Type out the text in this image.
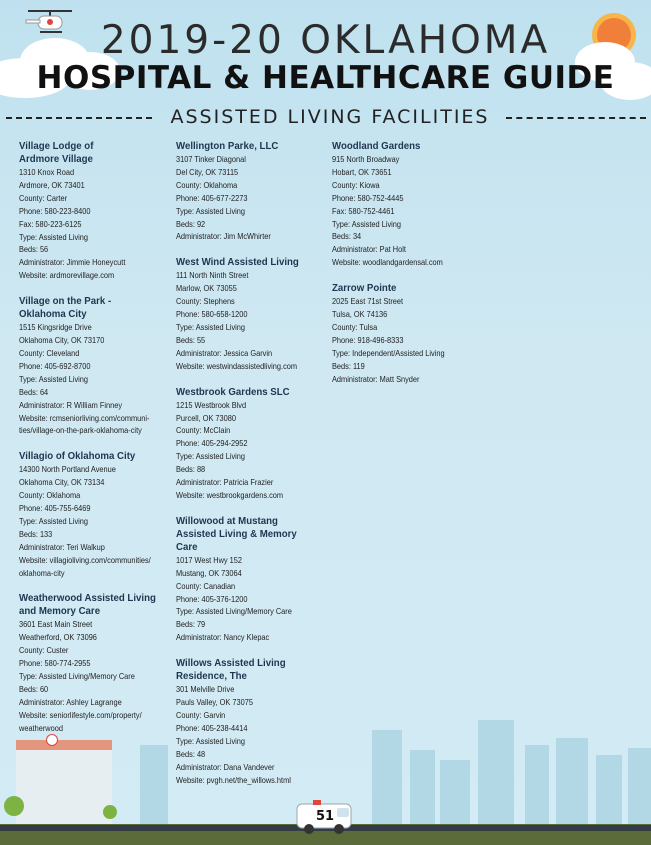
2019-20 OKLAHOMA
HOSPITAL & HEALTHCARE GUIDE
ASSISTED LIVING FACILITIES
Village Lodge of Ardmore Village
1310 Knox Road
Ardmore, OK 73401
County: Carter
Phone: 580-223-8400
Fax: 580-223-6125
Type: Assisted Living
Beds: 56
Administrator: Jimmie Honeycutt
Website: ardmorevillage.com
Village on the Park - Oklahoma City
1515 Kingsridge Drive
Oklahoma City, OK 73170
County: Cleveland
Phone: 405-692-8700
Type: Assisted Living
Beds: 64
Administrator: R William Finney
Website: rcmseniorliving.com/communi-
ties/village-on-the-park-oklahoma-city
Villagio of Oklahoma City
14300 North Portland Avenue
Oklahoma City, OK 73134
County: Oklahoma
Phone: 405-755-6469
Type: Assisted Living
Beds: 133
Administrator: Teri Walkup
Website: villagioliving.com/communities/
oklahoma-city
Weatherwood Assisted Living and Memory Care
3601 East Main Street
Weatherford, OK 73096
County: Custer
Phone: 580-774-2955
Type: Assisted Living/Memory Care
Beds: 60
Administrator: Ashley Lagrange
Website: seniorlifestyle.com/property/
weatherwood
Wellington Parke, LLC
3107 Tinker Diagonal
Del City, OK 73115
County: Oklahoma
Phone: 405-677-2273
Type: Assisted Living
Beds: 92
Administrator: Jim McWhirter
West Wind Assisted Living
111 North Ninth Street
Marlow, OK 73055
County: Stephens
Phone: 580-658-1200
Type: Assisted Living
Beds: 55
Administrator: Jessica Garvin
Website: westwindassistedliving.com
Westbrook Gardens SLC
1215 Westbrook Blvd
Purcell, OK 73080
County: McClain
Phone: 405-294-2952
Type: Assisted Living
Beds: 88
Administrator: Patricia Frazier
Website: westbrookgardens.com
Willowood at Mustang Assisted Living & Memory Care
1017 West Hwy 152
Mustang, OK 73064
County: Canadian
Phone: 405-376-1200
Type: Assisted Living/Memory Care
Beds: 79
Administrator: Nancy Klepac
Willows Assisted Living Residence, The
301 Melville Drive
Pauls Valley, OK 73075
County: Garvin
Phone: 405-238-4414
Type: Assisted Living
Beds: 48
Administrator: Dana Vandever
Website: pvgh.net/the_willows.html
Woodland Gardens
915 North Broadway
Hobart, OK 73651
County: Kiowa
Phone: 580-752-4445
Fax: 580-752-4461
Type: Assisted Living
Beds: 34
Administrator: Pat Holt
Website: woodlandgardensal.com
Zarrow Pointe
2025 East 71st Street
Tulsa, OK 74136
County: Tulsa
Phone: 918-496-8333
Type: Independent/Assisted Living
Beds: 119
Administrator: Matt Snyder
51
